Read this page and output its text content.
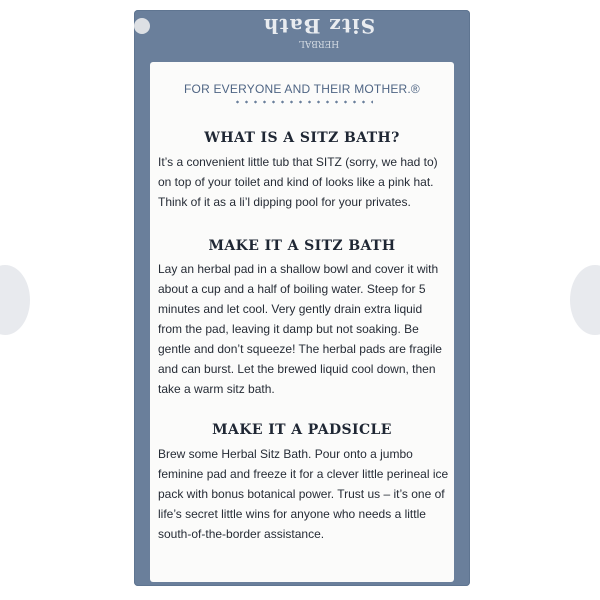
Sitz Bath
HERBAL
FOR EVERYONE AND THEIR MOTHER.®
WHAT IS A SITZ BATH?

It’s a convenient little tub that SITZ (sorry, we had to)
on top of your toilet and kind of looks like a pink hat.
Think of it as a li’l dipping pool for your privates.

MAKE IT A SITZ BATH

Lay an herbal pad in a shallow bowl and cover it with
about a cup and a half of boiling water. Steep for 5
minutes and let cool. Very gently drain extra liquid
from the pad, leaving it damp but not soaking. Be
gentle and don’t squeeze! The herbal pads are fragile
and can burst. Let the brewed liquid cool down, then
take a warm sitz bath.

MAKE IT A PADSICLE

Brew some Herbal Sitz Bath. Pour onto a jumbo
feminine pad and freeze it for a clever little perineal ice
pack with bonus botanical power. Trust us – it’s one of
life’s secret little wins for anyone who needs a little
south-of-the-border assistance.
